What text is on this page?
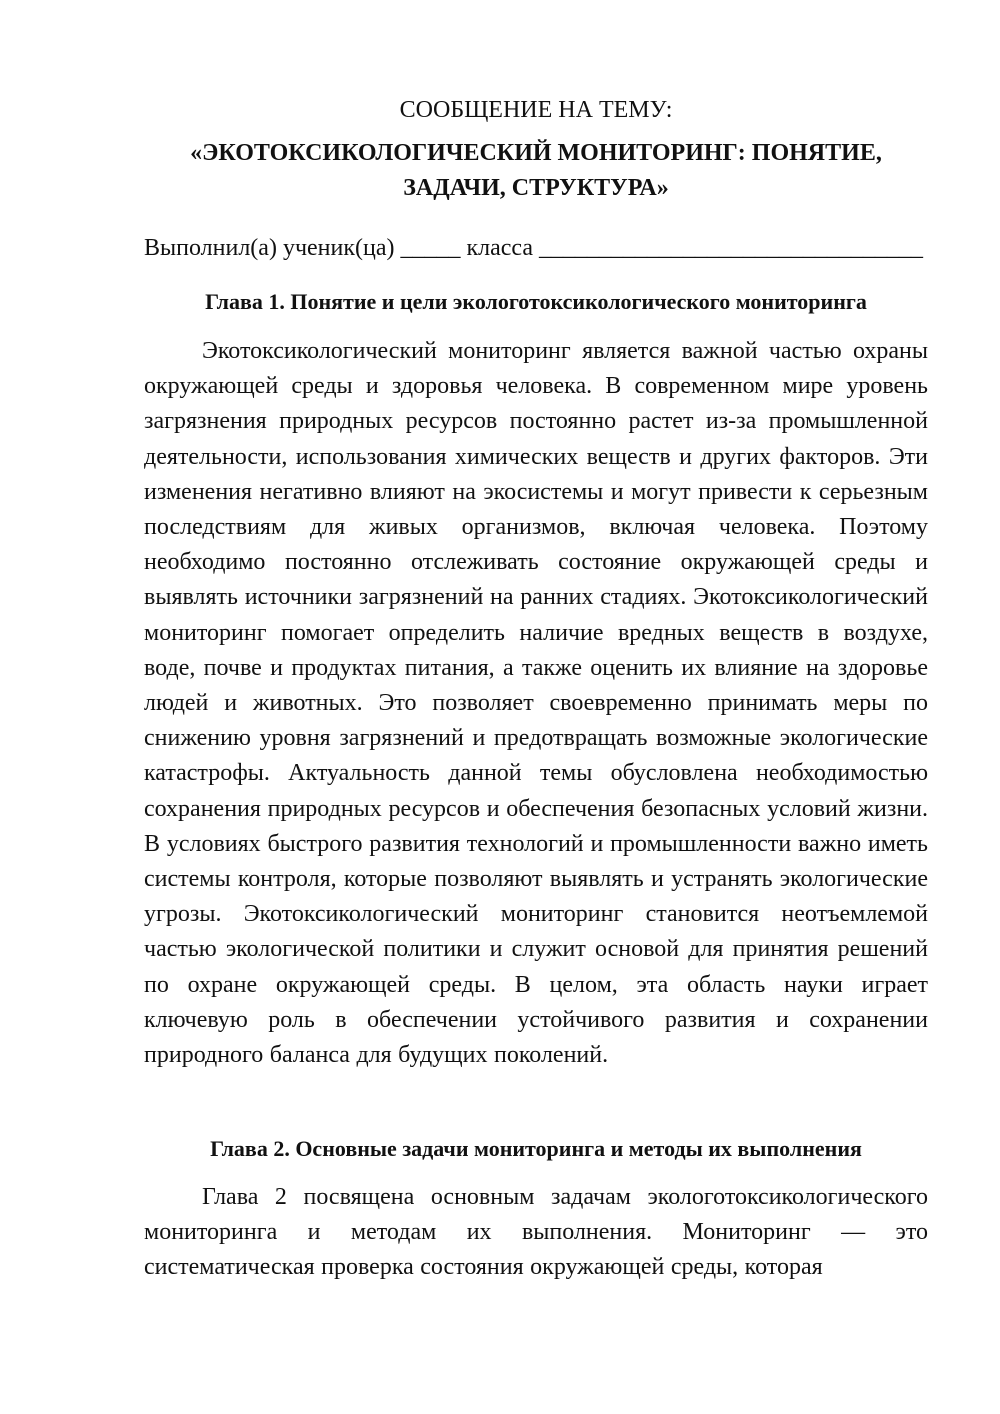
СООБЩЕНИЕ НА ТЕМУ:
«ЭКОТОКСИКОЛОГИЧЕСКИЙ МОНИТОРИНГ: ПОНЯТИЕ, ЗАДАЧИ, СТРУКТУРА»
Выполнил(а) ученик(ца) _____ класса ________________________________
Глава 1. Понятие и цели экологотоксикологического мониторинга

Экотоксикологический мониторинг является важной частью охраны окружающей среды и здоровья человека. В современном мире уровень загрязнения природных ресурсов постоянно растет из-за промышленной деятельности, использования химических веществ и других факторов. Эти изменения негативно влияют на экосистемы и могут привести к серьезным последствиям для живых организмов, включая человека. Поэтому необходимо постоянно отслеживать состояние окружающей среды и выявлять источники загрязнений на ранних стадиях. Экотоксикологический мониторинг помогает определить наличие вредных веществ в воздухе, воде, почве и продуктах питания, а также оценить их влияние на здоровье людей и животных. Это позволяет своевременно принимать меры по снижению уровня загрязнений и предотвращать возможные экологические катастрофы. Актуальность данной темы обусловлена необходимостью сохранения природных ресурсов и обеспечения безопасных условий жизни. В условиях быстрого развития технологий и промышленности важно иметь системы контроля, которые позволяют выявлять и устранять экологические угрозы. Экотоксикологический мониторинг становится неотъемлемой частью экологической политики и служит основой для принятия решений по охране окружающей среды. В целом, эта область науки играет ключевую роль в обеспечении устойчивого развития и сохранении природного баланса для будущих поколений.

Глава 2. Основные задачи мониторинга и методы их выполнения

Глава 2 посвящена основным задачам экологотоксикологического мониторинга и методам их выполнения. Мониторинг — это систематическая проверка состояния окружающей среды, которая
